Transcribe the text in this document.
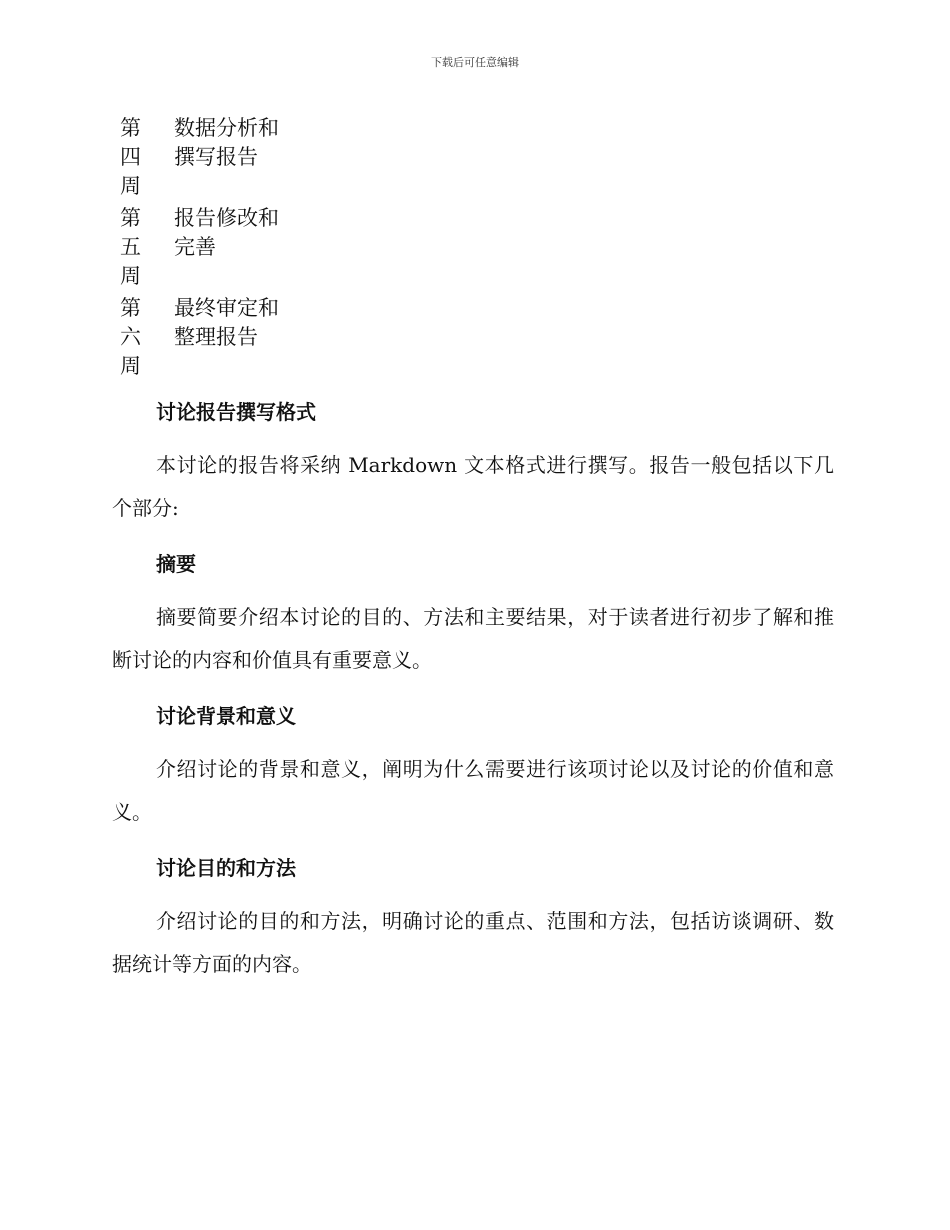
下载后可任意编辑
第四周
数据分析和撰写报告
第五周
报告修改和完善
第六周
最终审定和整理报告
讨论报告撰写格式

本讨论的报告将采纳 Markdown 文本格式进行撰写。报告一般包括以下几个部分:

摘要

摘要简要介绍本讨论的目的、方法和主要结果，对于读者进行初步了解和推断讨论的内容和价值具有重要意义。

讨论背景和意义

介绍讨论的背景和意义，阐明为什么需要进行该项讨论以及讨论的价值和意义。

讨论目的和方法

介绍讨论的目的和方法，明确讨论的重点、范围和方法，包括访谈调研、数据统计等方面的内容。
